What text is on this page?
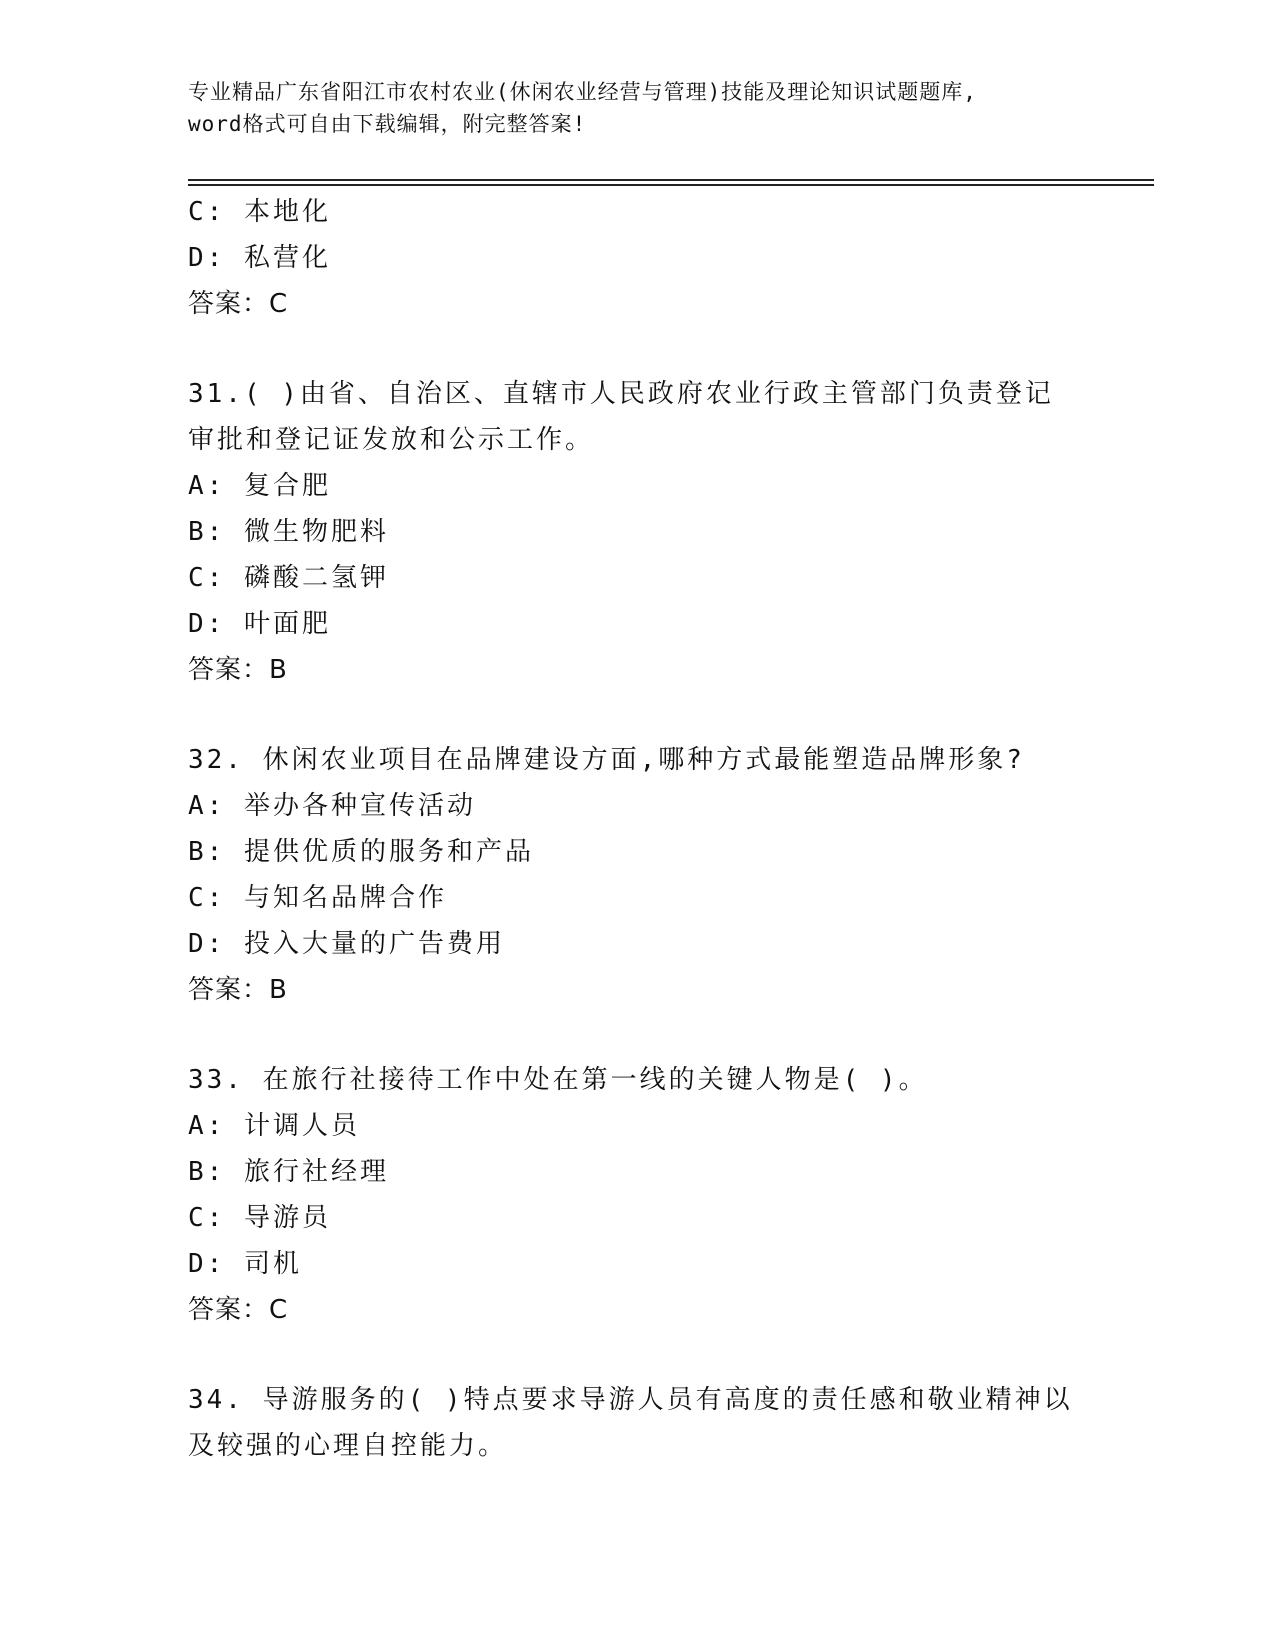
专业精品广东省阳江市农村农业(休闲农业经营与管理)技能及理论知识试题题库,
word格式可自由下载编辑，附完整答案!
C: 本地化
D: 私营化
答案：C
31.( )由省、自治区、直辖市人民政府农业行政主管部门负责登记
审批和登记证发放和公示工作。
A: 复合肥
B: 微生物肥料
C: 磷酸二氢钾
D: 叶面肥
答案：B
32. 休闲农业项目在品牌建设方面,哪种方式最能塑造品牌形象?
A: 举办各种宣传活动
B: 提供优质的服务和产品
C: 与知名品牌合作
D: 投入大量的广告费用
答案：B
33. 在旅行社接待工作中处在第一线的关键人物是( )。
A: 计调人员
B: 旅行社经理
C: 导游员
D: 司机
答案：C
34. 导游服务的( )特点要求导游人员有高度的责任感和敬业精神以
及较强的心理自控能力。
